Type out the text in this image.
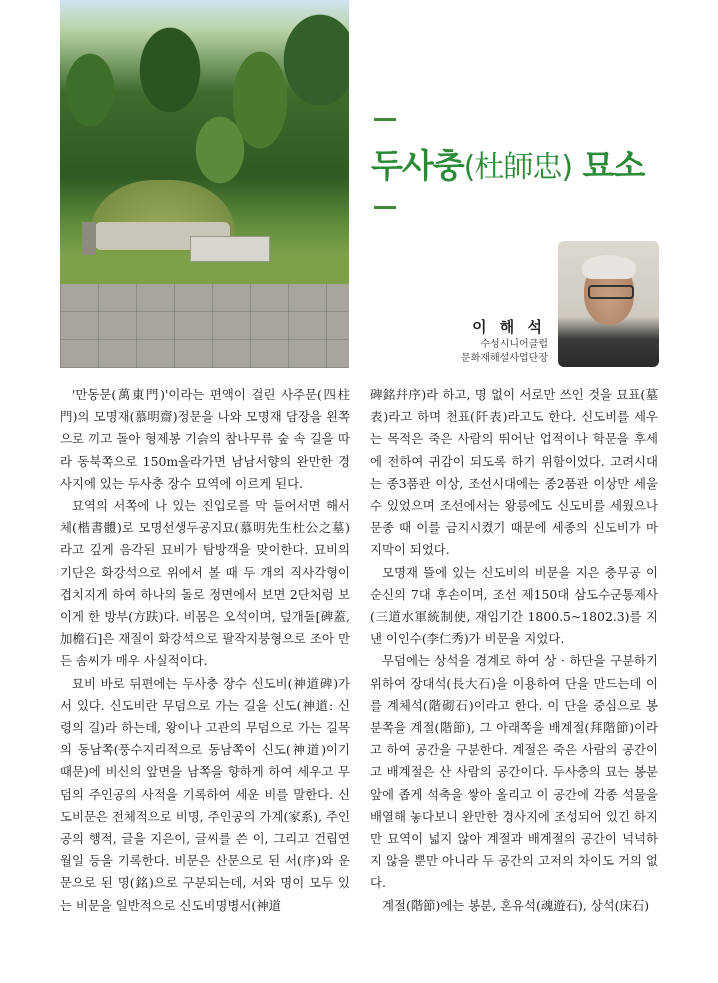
두사충(杜師忠) 묘소
이 해 석
수성시니어클럽
문화재해설사업단장

'만동문(萬東門)'이라는 편액이 걸린 사주문(四柱門)의 모명재(慕明齋)정문을 나와 모명재 담장을 왼쪽으로 끼고 돌아 형제봉 기슭의 참나무류 숲 속 길을 따라 동북쪽으로 150m올라가면 남남서향의 완만한 경사지에 있는 두사충 장수 묘역에 이르게 된다.

묘역의 서쪽에 나 있는 진입로를 막 들어서면 해서체(楷書體)로 모명선생두공지묘(慕明先生杜公之墓)라고 깊게 음각된 묘비가 탐방객을 맞이한다. 묘비의 기단은 화강석으로 위에서 볼 때 두 개의 직사각형이 겹치지게 하여 하나의 돌로 정면에서 보면 2단처럼 보이게 한 방부(方趺)다. 비몸은 오석이며, 덮개돌[碑蓋, 加檐石]은 재질이 화강석으로 팔작지붕형으로 조아 만든 솜씨가 매우 사실적이다.

묘비 바로 뒤편에는 두사충 장수 신도비(神道碑)가 서 있다. 신도비란 무덤으로 가는 길을 신도(神道: 신령의 길)라 하는데, 왕이나 고관의 무덤으로 가는 길목의 동남쪽(풍수지리적으로 동남쪽이 신도(神道)이기 때문)에 비신의 앞면을 남쪽을 향하게 하여 세우고 무덤의 주인공의 사적을 기록하여 세운 비를 말한다. 신도비문은 전체적으로 비명, 주인공의 가계(家系), 주인공의 행적, 글을 지은이, 글씨를 쓴 이, 그리고 건립연월일 등을 기록한다. 비문은 산문으로 된 서(序)와 운문으로 된 명(銘)으로 구분되는데, 서와 명이 모두 있는 비문을 일반적으로 신도비명병서(神道

碑銘幷序)라 하고, 명 없이 서로만 쓰인 것을 묘표(墓表)라고 하며 천표(阡表)라고도 한다. 신도비를 세우는 목적은 죽은 사람의 뛰어난 업적이나 학문을 후세에 전하여 귀감이 되도록 하기 위함이었다. 고려시대는 종3품관 이상, 조선시대에는 종2품관 이상만 세울 수 있었으며 조선에서는 왕릉에도 신도비를 세웠으나 문종 때 이를 금지시켰기 때문에 세종의 신도비가 마지막이 되었다.

모명재 뜰에 있는 신도비의 비문을 지은 충무공 이순신의 7대 후손이며, 조선 제150대 삼도수군통제사(三道水軍統制使, 재임기간 1800.5~1802.3)를 지낸 이인수(李仁秀)가 비문을 지었다.

무덤에는 상석을 경계로 하여 상 · 하단을 구분하기 위하여 장대석(長大石)을 이용하여 단을 만드는데 이를 계체석(階砌石)이라고 한다. 이 단을 중심으로 봉분쪽을 계절(階節), 그 아래쪽을 배계절(拜階節)이라고 하여 공간을 구분한다. 계절은 죽은 사람의 공간이고 배계절은 산 사람의 공간이다. 두사충의 묘는 봉분 앞에 좁게 석축을 쌓아 올리고 이 공간에 각종 석물을 배열해 놓다보니 완만한 경사지에 조성되어 있긴 하지만 묘역이 넓지 않아 계절과 배계절의 공간이 넉넉하지 않을 뿐만 아니라 두 공간의 고저의 차이도 거의 없다.

계절(階節)에는 봉분, 혼유석(魂遊石), 상석(床石)
